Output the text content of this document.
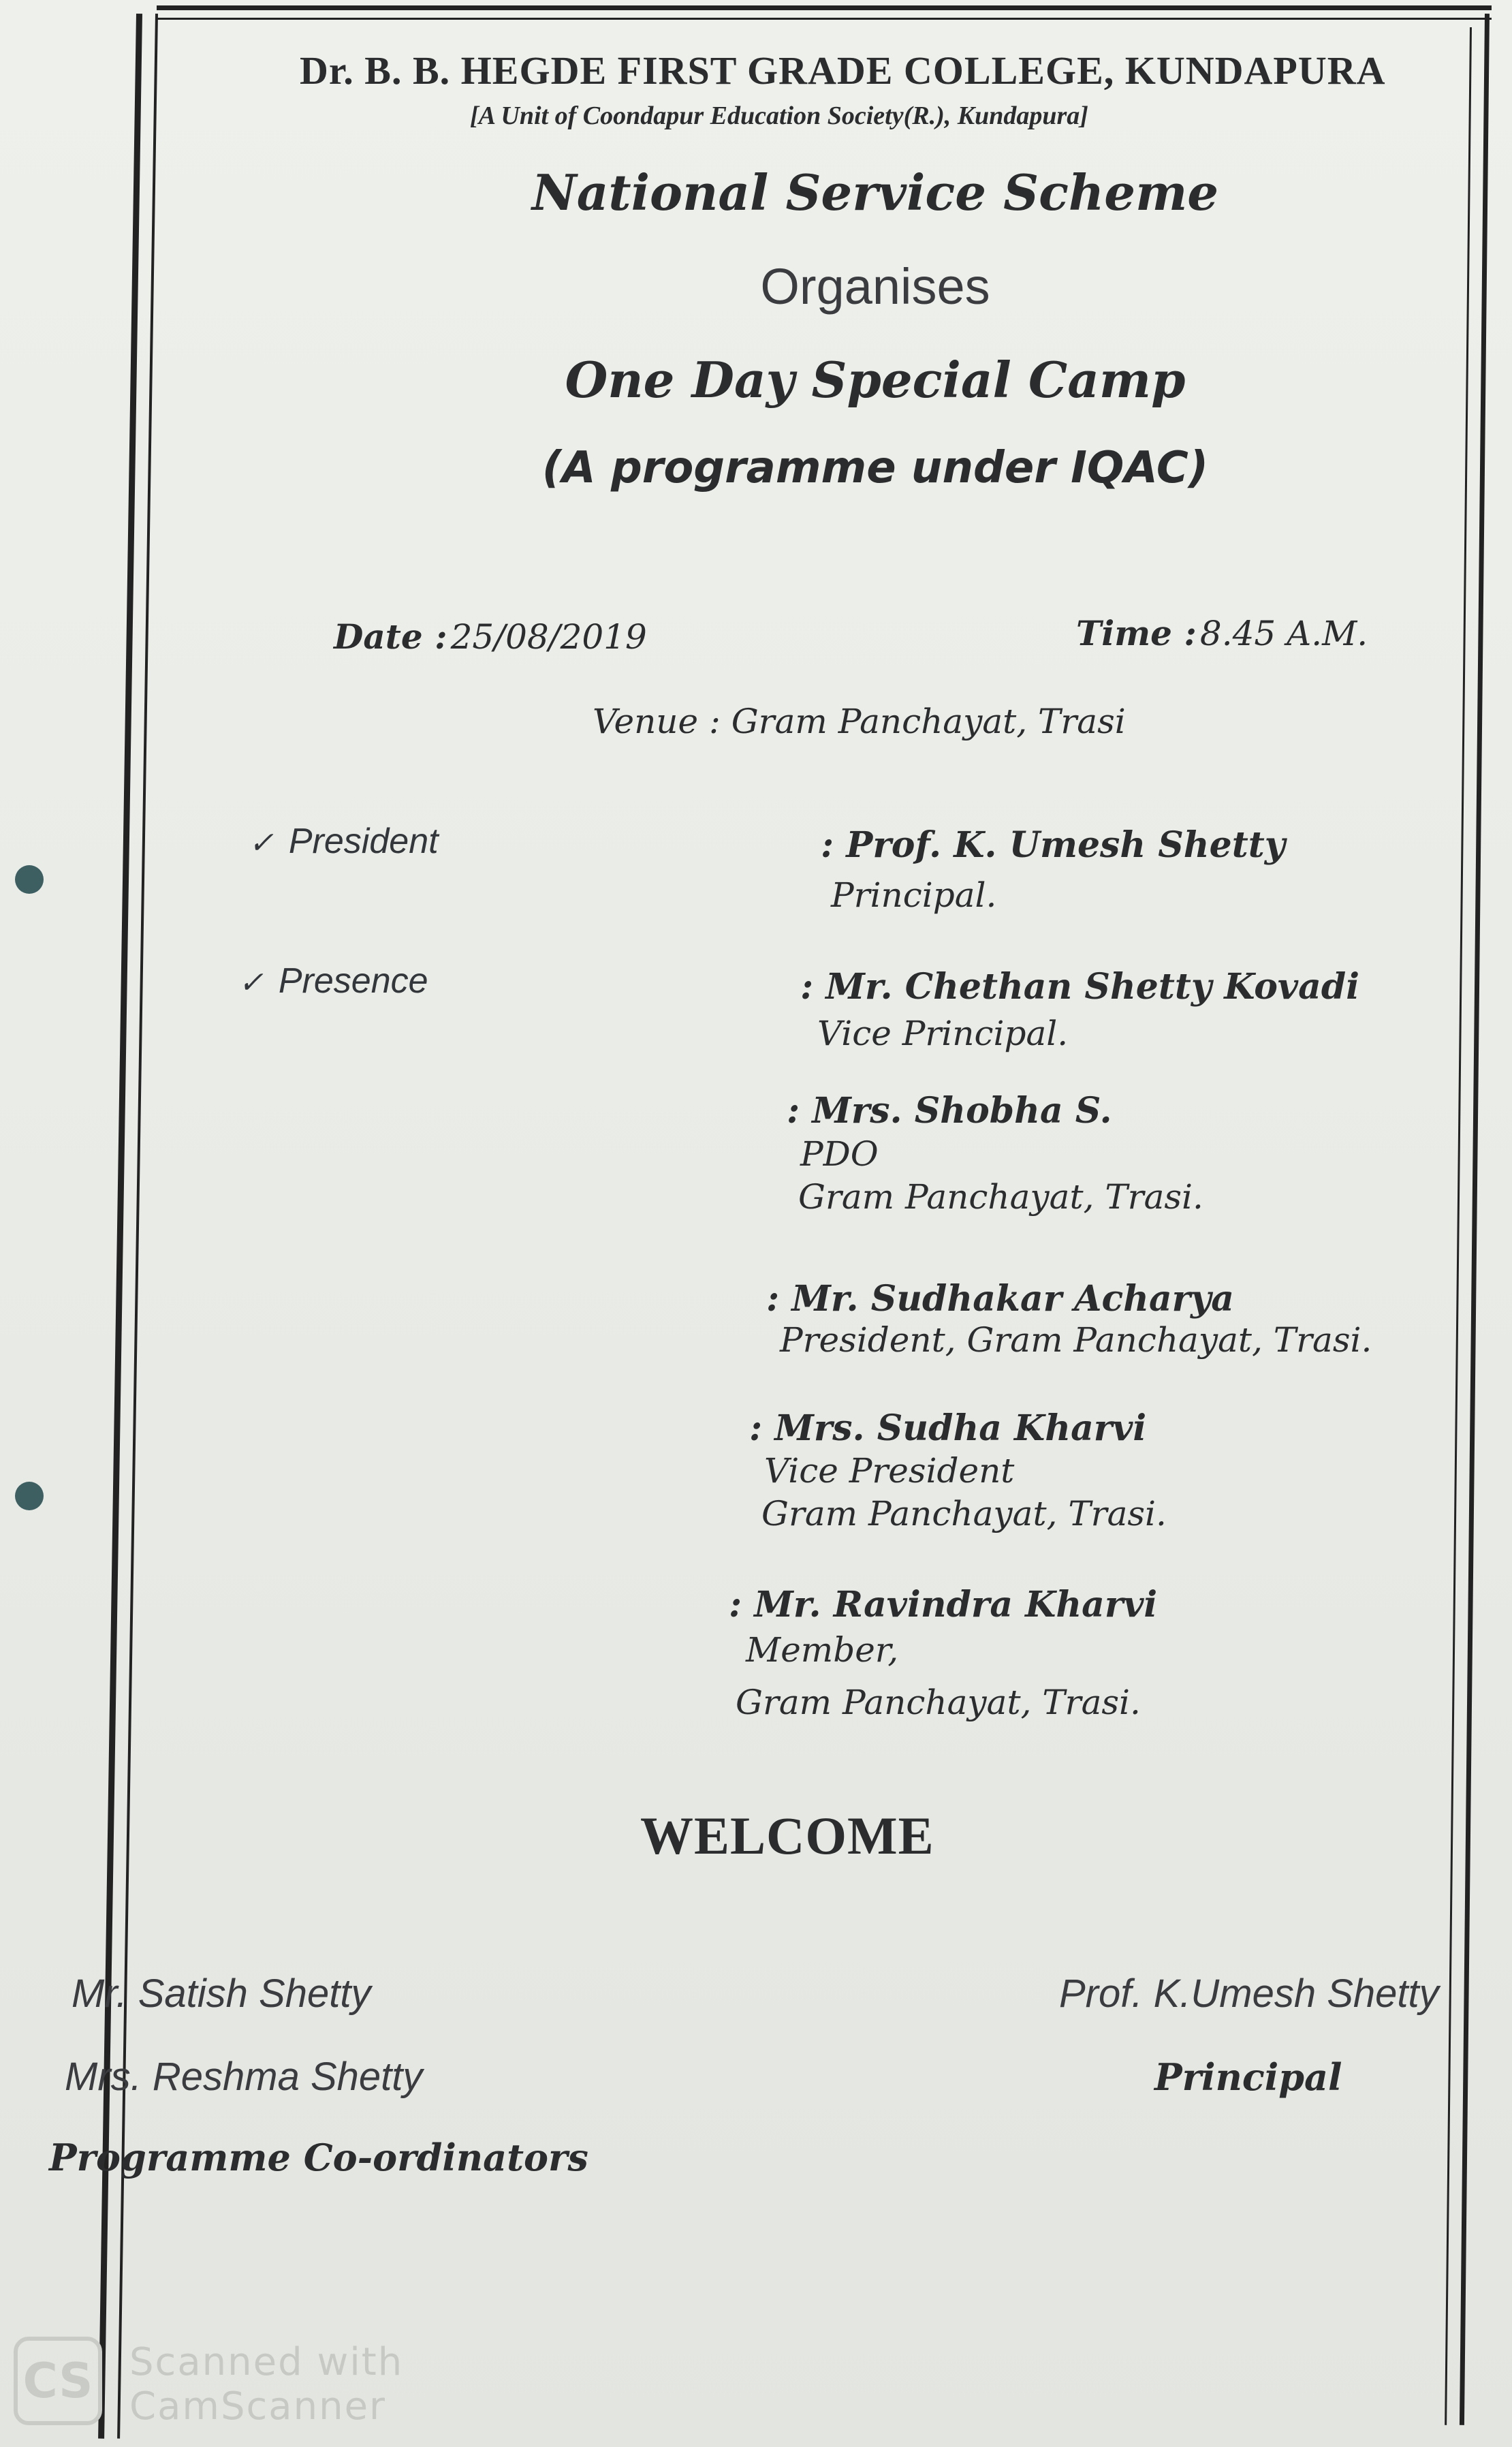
Dr. B. B. HEGDE FIRST GRADE COLLEGE, KUNDAPURA
[A Unit of Coondapur Education Society(R.), Kundapura]
National Service Scheme
Organises
One Day Special Camp
(A programme under IQAC)
Date : 25/08/2019	Time : 8.45 A.M.
Venue : Gram Panchayat, Trasi
✓ President
✓ Presence
: Prof. K. Umesh Shetty
Principal.
: Mr. Chethan Shetty Kovadi
Vice Principal.
: Mrs. Shobha S.
PDO
Gram Panchayat, Trasi.
: Mr. Sudhakar Acharya
President, Gram Panchayat, Trasi.
: Mrs. Sudha Kharvi
Vice President
Gram Panchayat, Trasi.
: Mr. Ravindra Kharvi
Member,
Gram Panchayat, Trasi.
WELCOME
Mr. Satish Shetty
Mrs. Reshma Shetty
Programme Co-ordinators
Prof. K.Umesh Shetty
Principal
CS Scanned with
CamScanner
